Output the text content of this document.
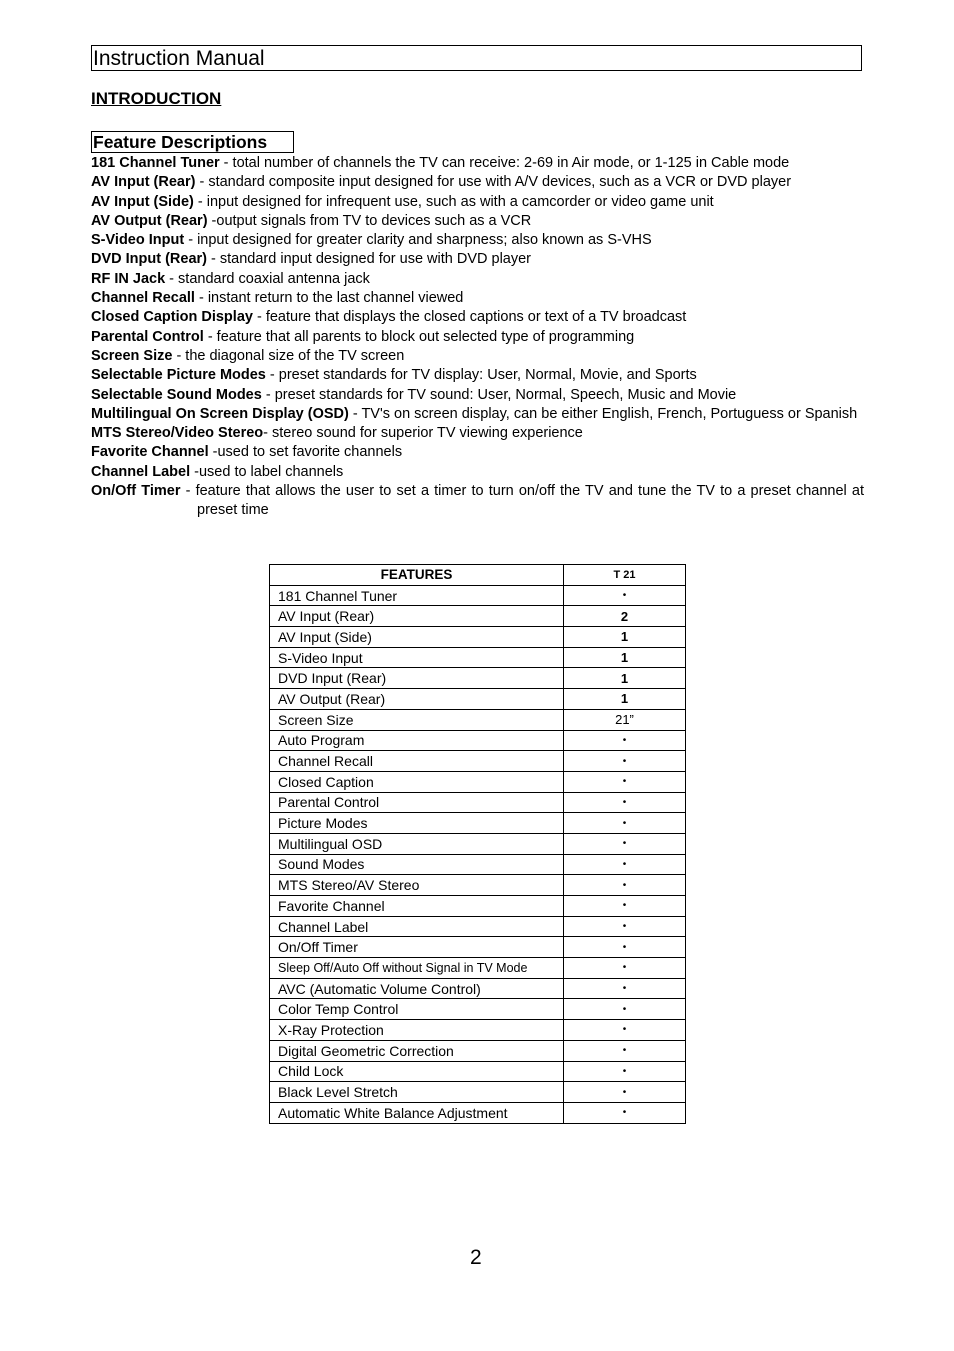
Instruction Manual
INTRODUCTION
Feature Descriptions

181 Channel Tuner - total number of channels the TV can receive: 2-69 in Air mode, or 1-125 in Cable mode

AV Input (Rear) - standard composite input designed for use with A/V devices, such as a VCR or DVD player

AV Input (Side) - input designed for infrequent use, such as with a camcorder or video game unit

AV Output (Rear) -output signals from TV to devices such as a VCR

S-Video Input - input designed for greater clarity and sharpness; also known as S-VHS

DVD Input (Rear) - standard input designed for use with DVD player

RF IN Jack - standard coaxial antenna jack

Channel Recall - instant return to the last channel viewed

Closed Caption Display - feature that displays the closed captions or text of a TV broadcast

Parental Control - feature that all parents to block out selected type of programming

Screen Size - the diagonal size of the TV screen

Selectable Picture Modes - preset standards for TV display: User, Normal, Movie, and Sports

Selectable Sound Modes - preset standards for TV sound: User, Normal, Speech, Music and Movie

Multilingual On Screen Display (OSD) - TV's on screen display, can be either English, French, Portuguess or Spanish

MTS Stereo/Video Stereo- stereo sound for superior TV viewing experience

Favorite Channel -used to set favorite channels

Channel Label -used to label channels

On/Off Timer - feature that allows the user to set a timer to turn on/off the TV and tune the TV to a preset channel at preset time

FEATURES	T 21
181 Channel Tuner	•
AV Input (Rear)	2
AV Input (Side)	1
S-Video Input	1
DVD Input (Rear)	1
AV Output (Rear)	1
Screen Size	21”
Auto Program	•
Channel Recall	•
Closed Caption	•
Parental Control	•
Picture Modes	•
Multilingual OSD	•
Sound Modes	•
MTS Stereo/AV Stereo	•
Favorite Channel	•
Channel Label	•
On/Off Timer	•
Sleep Off/Auto Off without Signal in TV Mode	•
AVC (Automatic Volume Control)	•
Color Temp Control	•
X-Ray Protection	•
Digital Geometric Correction	•
Child Lock	•
Black Level Stretch	•
Automatic White Balance Adjustment	•
2
